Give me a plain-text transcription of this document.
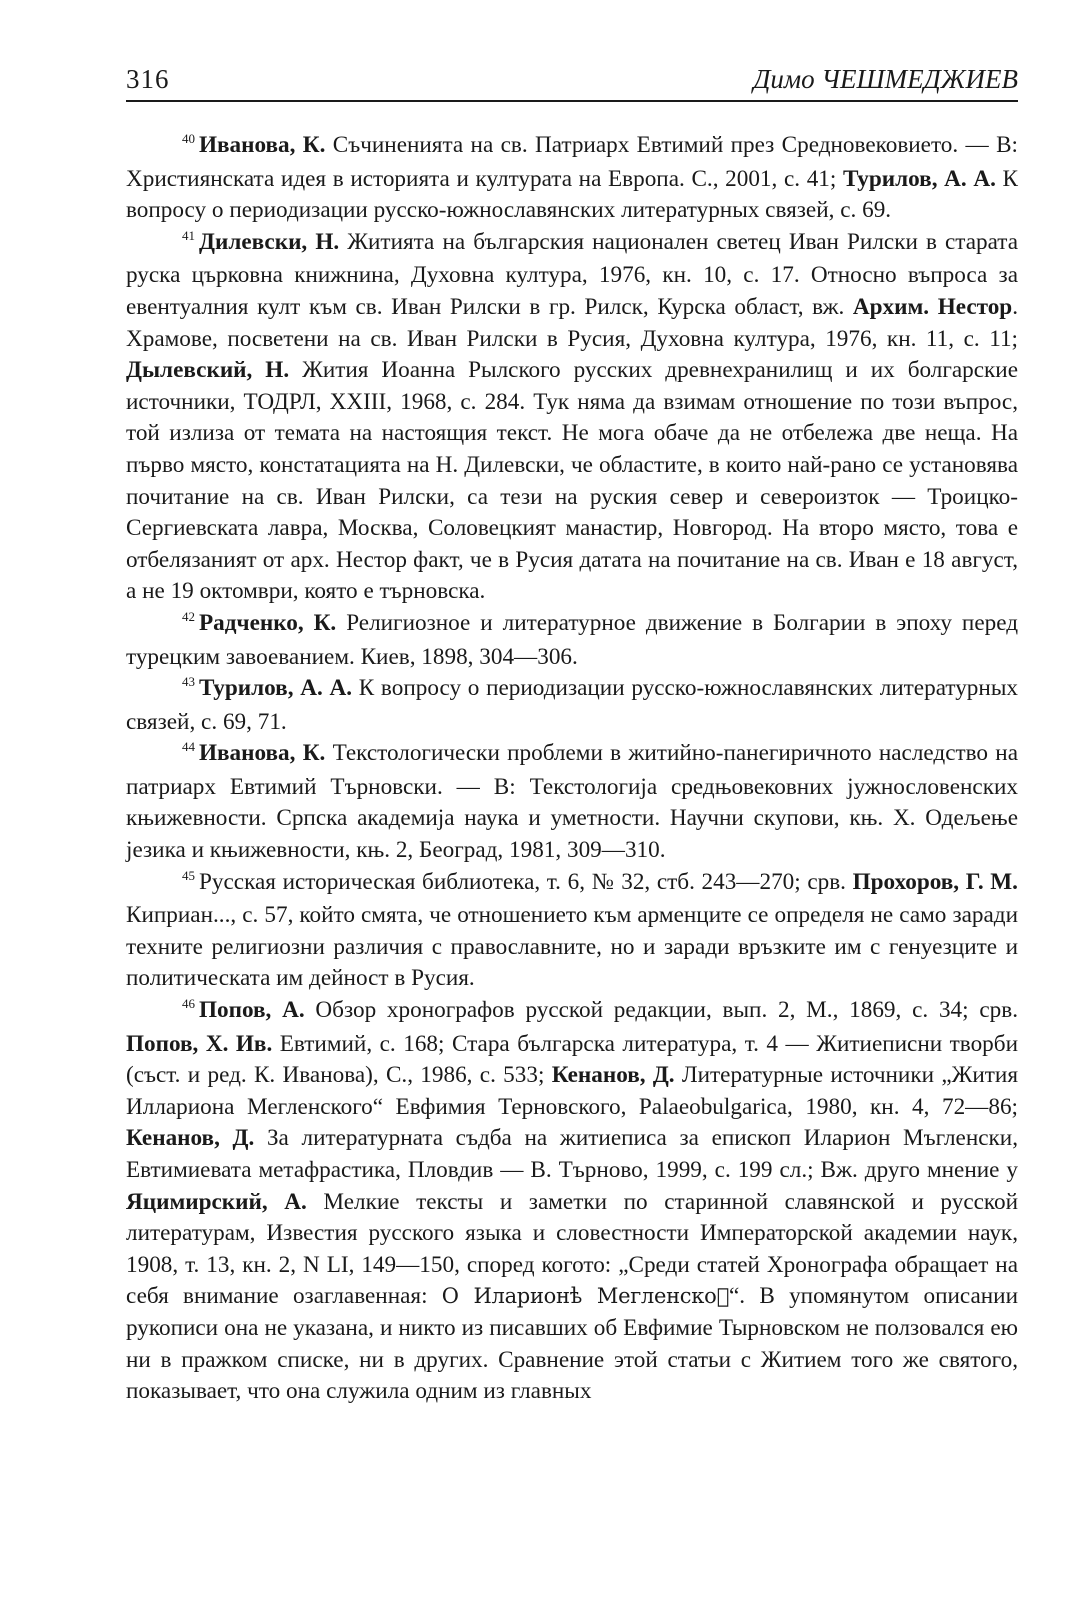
316	Димо ЧЕШМЕДЖИЕВ

$^{40}$ Иванова, К. Съчиненията на св. Патриарх Евтимий през Средновековието. — В: Християнската идея в историята и културата на Европа. С., 2001, с. 41; Турилов, А. А. К вопросу о периодизации русско-южнославянских литературных связей, с. 69.

$^{41}$ Дилевски, Н. Житията на българския национален светец Иван Рилски в старата руска църковна книжнина, Духовна култура, 1976, кн. 10, с. 17. Относно въпроса за евентуалния култ към св. Иван Рилски в гр. Рилск, Курска област, вж. Архим. Нестор. Храмове, посветени на св. Иван Рилски в Русия, Духовна култура, 1976, кн. 11, с. 11; Дылевский, Н. Жития Иоанна Рылского русских древнехранилищ и их болгарские источники, ТОДРЛ, XXIII, 1968, с. 284. Тук няма да взимам отношение по този въпрос, той излиза от темата на настоящия текст. Не мога обаче да не отбележа две неща. На първо място, констатацията на Н. Дилевски, че областите, в които най-рано се установява почитание на св. Иван Рилски, са тези на руския север и североизток — Троицко-Сергиевската лавра, Москва, Соловецкият манастир, Новгород. На второ място, това е отбелязаният от арх. Нестор факт, че в Русия датата на почитание на св. Иван е 18 август, а не 19 октомври, която е търновска.

$^{42}$ Радченко, К. Религиозное и литературное движение в Болгарии в эпоху перед турецким завоеванием. Киев, 1898, 304—306.

$^{43}$ Турилов, А. А. К вопросу о периодизации русско-южнославянских литературных связей, с. 69, 71.

$^{44}$ Иванова, К. Текстологически проблеми в житийно-панегиричното наследство на патриарх Евтимий Търновски. — В: Текстологија средњовековних јужнословенских књижевности. Српска академија наука и уметности. Научни скупови, књ. X. Одељење језика и књижевности, књ. 2, Београд, 1981, 309—310.

$^{45}$ Русская историческая библиотека, т. 6, № 32, стб. 243—270; срв. Прохоров, Г. М. Киприан..., с. 57, който смята, че отношението към арменците се определя не само заради техните религиозни различия с православните, но и заради връзките им с генуезците и политическата им дейност в Русия.

$^{46}$ Попов, А. Обзор хронографов русской редакции, вып. 2, М., 1869, с. 34; срв. Попов, Х. Ив. Евтимий, с. 168; Стара българска литература, т. 4 — Житиеписни творби (съст. и ред. К. Иванова), С., 1986, с. 533; Кенанов, Д. Литературные источники „Жития Иллариона Мегленского“ Евфимия Терновского, Palaeobulgarica, 1980, кн. 4, 72—86; Кенанов, Д. За литературната съдба на житиеписа за епископ Иларион Мъгленски, Евтимиевата метафрастика, Пловдив — В. Търново, 1999, с. 199 сл.; Вж. друго мнение у Яцимирский, А. Мелкие тексты и заметки по старинной славянской и русской литературам, Известия русского языка и словестности Императорской академии наук, 1908, т. 13, кн. 2, N LI, 149—150, според когото: „Среди статей Хронографа обращает на себя внимание озаглавенная: О Иларионѣ Мегленскоⷨ“. В упомянутом описании рукописи она не указана, и никто из писавших об Евфимие Тырновском не ползовался ею ни в пражком списке, ни в других. Сравнение этой статьи с Житием того же святого, показывает, что она служила одним из главных
